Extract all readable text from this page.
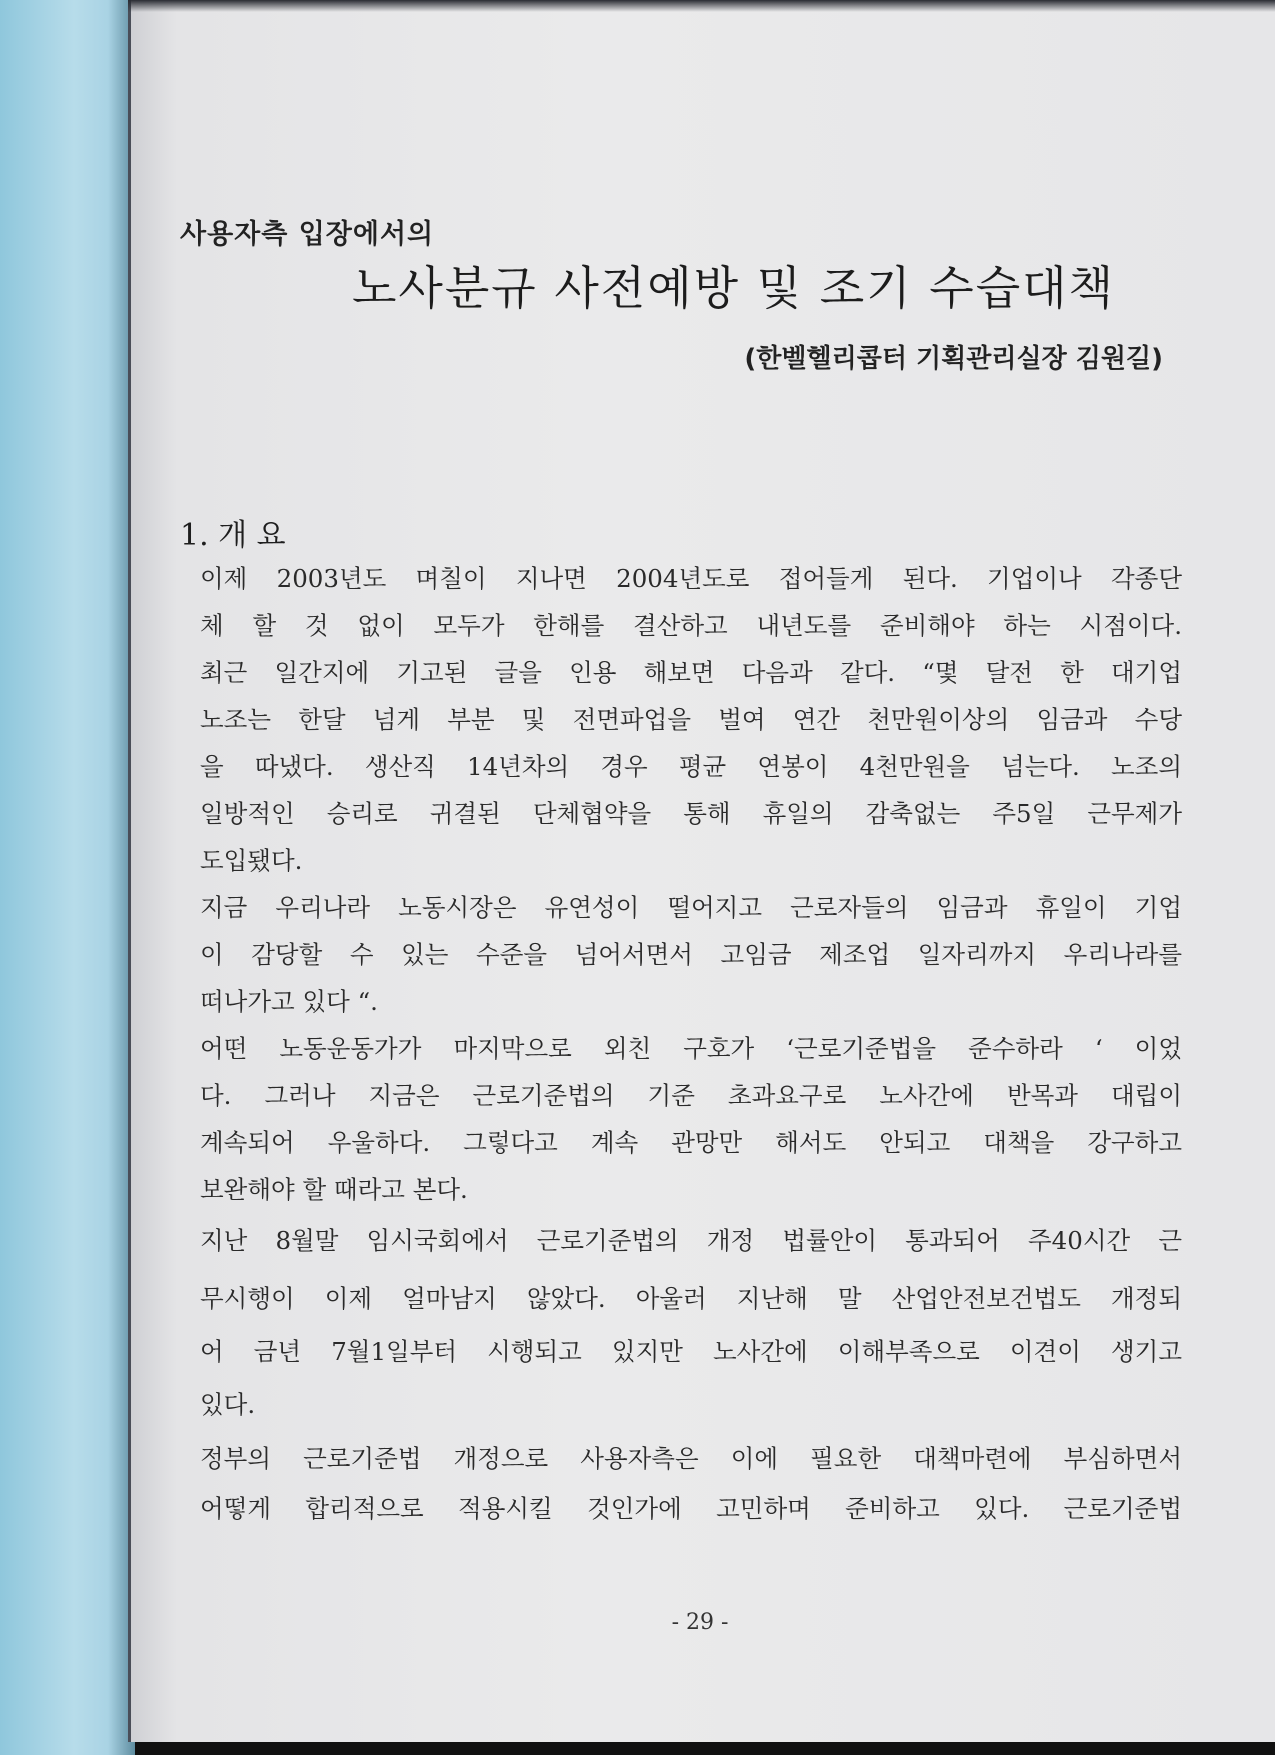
사용자측 입장에서의
노사분규 사전예방 및 조기 수습대책
(한벨헬리콥터 기획관리실장 김원길)
1. 개 요
이제 2003년도 며칠이 지나면 2004년도로 접어들게 된다. 기업이나 각종단
체 할 것 없이 모두가 한해를 결산하고 내년도를 준비해야 하는 시점이다.
최근 일간지에 기고된 글을 인용 해보면 다음과 같다. “몇 달전 한 대기업
노조는 한달 넘게 부분 및 전면파업을 벌여 연간 천만원이상의 임금과 수당
을 따냈다. 생산직 14년차의 경우 평균 연봉이 4천만원을 넘는다. 노조의
일방적인 승리로 귀결된 단체협약을 통해 휴일의 감축없는 주5일 근무제가
도입됐다.
지금 우리나라 노동시장은 유연성이 떨어지고 근로자들의 임금과 휴일이 기업
이 감당할 수 있는 수준을 넘어서면서 고임금 제조업 일자리까지 우리나라를
떠나가고 있다 “.
어떤 노동운동가가 마지막으로 외친 구호가 ‘근로기준법을 준수하라 ‘ 이었
다. 그러나 지금은 근로기준법의 기준 초과요구로 노사간에 반목과 대립이
계속되어 우울하다. 그렇다고 계속 관망만 해서도 안되고 대책을 강구하고
보완해야 할 때라고 본다.
지난 8월말 임시국회에서 근로기준법의 개정 법률안이 통과되어 주40시간 근
무시행이 이제 얼마남지 않았다. 아울러 지난해 말 산업안전보건법도 개정되
어 금년 7월1일부터 시행되고 있지만 노사간에 이해부족으로 이견이 생기고
있다.
정부의 근로기준법 개정으로 사용자측은 이에 필요한 대책마련에 부심하면서
어떻게 합리적으로 적용시킬 것인가에 고민하며 준비하고 있다. 근로기준법
- 29 -
